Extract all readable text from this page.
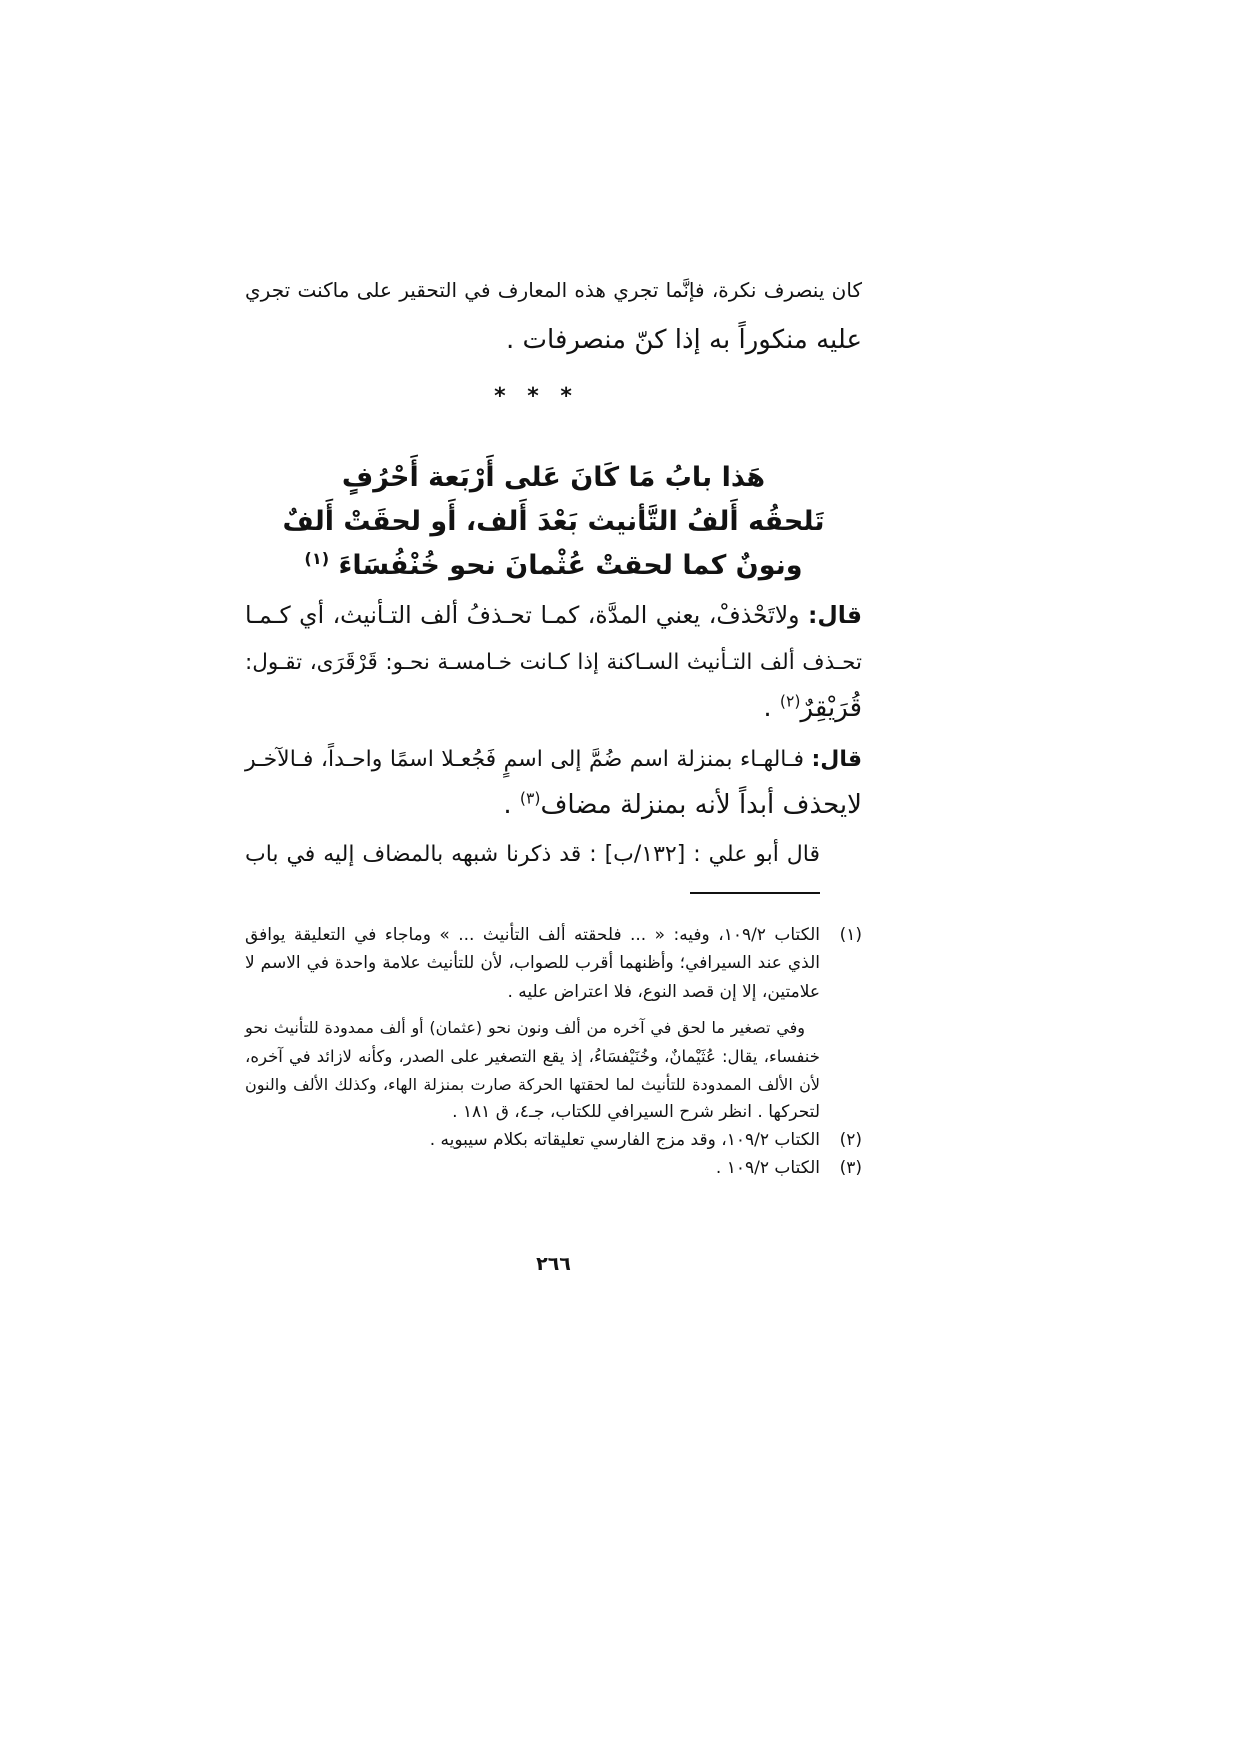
كان ينصرف نكرة، فإنَّما تجري هذه المعارف في التحقير على ماكنت تجري
عليه منكوراً به إذا كنّ منصرفات .
* * *
هَذا بابُ مَا كَانَ عَلى أَرْبَعة أَحْرُفٍ
تَلحقُه أَلفُ التَّأنيث بَعْدَ أَلف، أَو لحقَتْ أَلفٌ
ونونٌ كما لحقتْ عُثْمانَ نحو خُنْفُسَاءَ $^{(١)}$
قال: ولاتَحْذفْ، يعني المدَّة، كمـا تحـذفُ ألف التـأنيث، أي كـمـا
تحـذف ألف التـأنيث السـاكنة إذا كـانت خـامسـة نحـو: قَرْقَرَى، تقـول:
قُرَيْقِرٌ$^{(٢)}$ .
قال: فـالهـاء بمنزلة اسم ضُمَّ إلى اسمٍ فَجُعـلا اسمًا واحـداً، فـالآخـر
لايحذف أبداً لأنه بمنزلة مضاف$^{(٣)}$ .
قال أبو علي : [١٣٢/ب] : قد ذكرنا شبهه بالمضاف إليه في باب
(١)
الكتاب ١٠٩/٢، وفيه: « ... فلحقته ألف التأنيث ... » وماجاء في التعليقة يوافق
الذي عند السيرافي؛ وأظنهما أقرب للصواب، لأن للتأنيث علامة واحدة في الاسم لا
علامتين، إلا إن قصد النوع، فلا اعتراض عليه .
وفي تصغير ما لحق في آخره من ألف ونون نحو (عثمان) أو ألف ممدودة للتأنيث نحو
خنفساء، يقال: عُثَيْمانٌ، وخُنَيْفسَاءُ، إذ يقع التصغير على الصدر، وكأنه لازائد في آخره،
لأن الألف الممدودة للتأنيث لما لحقتها الحركة صارت بمنزلة الهاء، وكذلك الألف والنون
لتحركها . انظر شرح السيرافي للكتاب، جـ٤، ق ١٨١ .
(٢)
الكتاب ١٠٩/٢، وقد مزج الفارسي تعليقاته بكلام سيبويه .
(٣)
الكتاب ١٠٩/٢ .
٢٦٦
